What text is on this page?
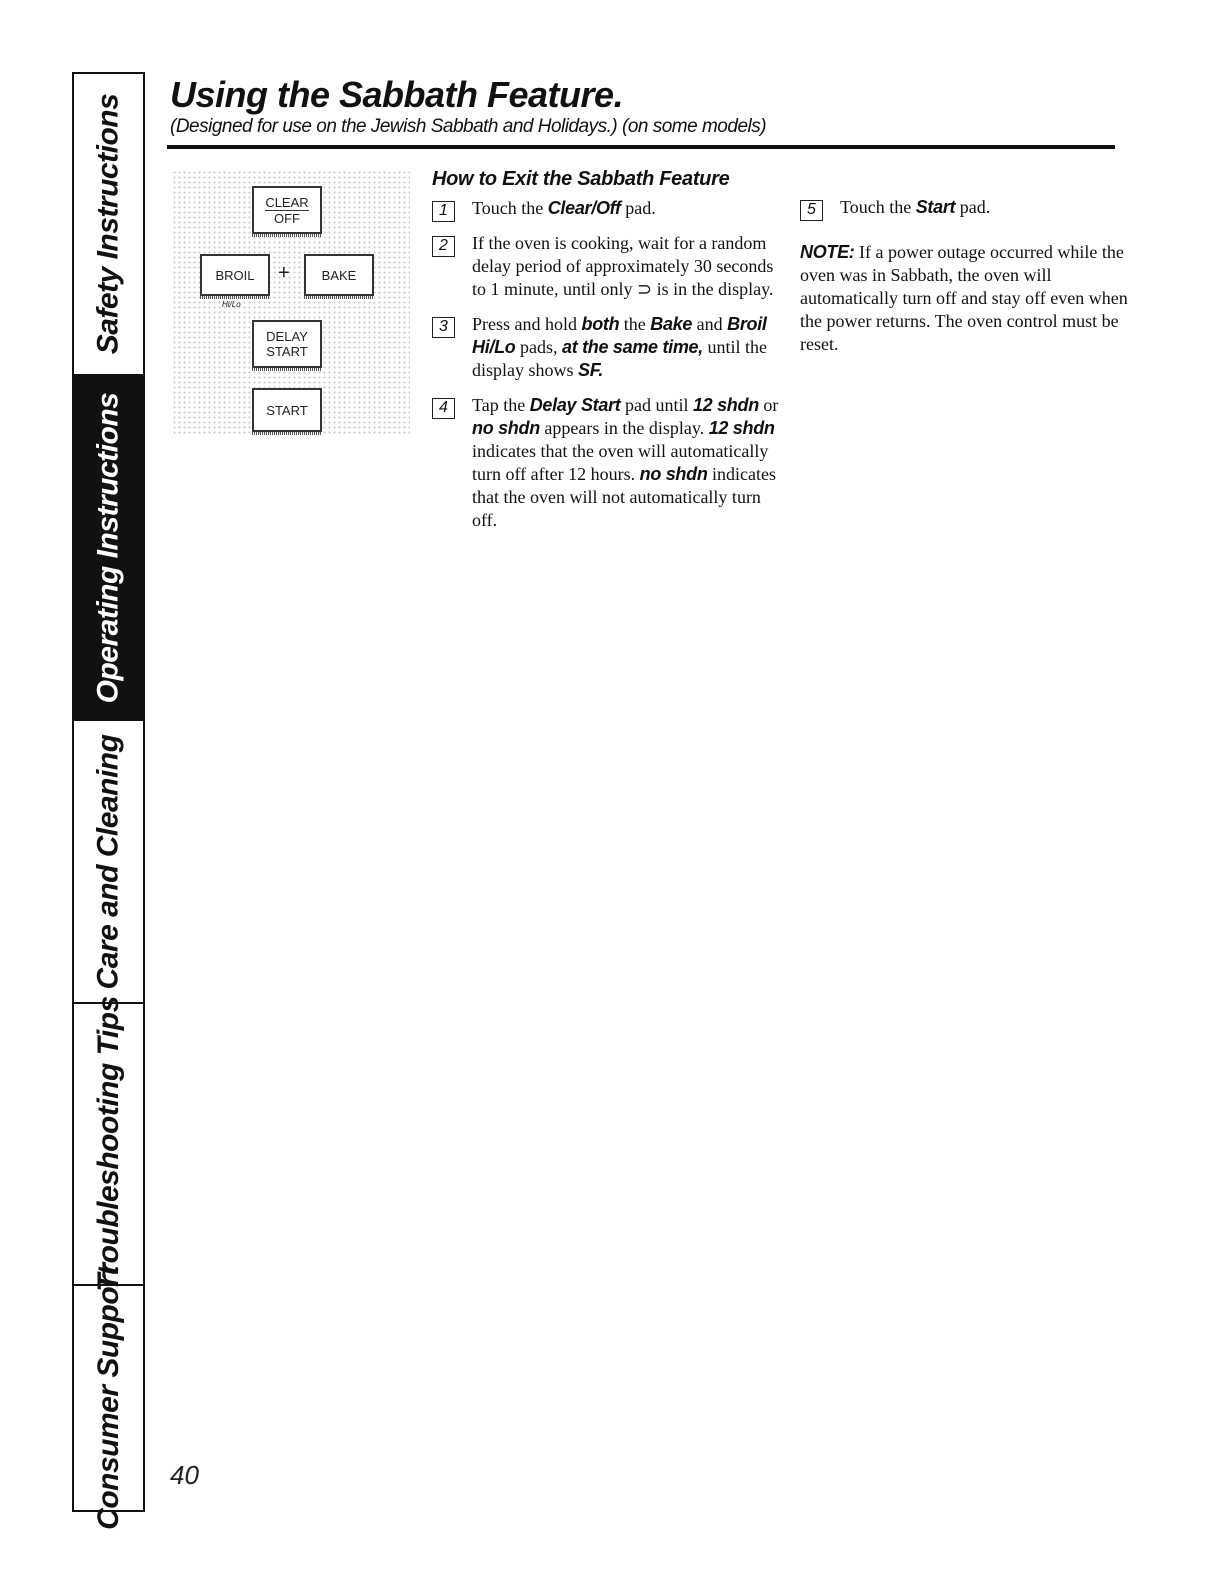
Safety Instructions
Operating Instructions
Care and Cleaning
Troubleshooting Tips
Consumer Support
Using the Sabbath Feature.
(Designed for use on the Jewish Sabbath and Holidays.) (on some models)
CLEAR
OFF
BROIL + BAKE
Hi/Lo
DELAY
START
START
How to Exit the Sabbath Feature
1	Touch the Clear/Off pad.
2	If the oven is cooking, wait for a random delay period of approximately 30 seconds to 1 minute, until only ⊃ is in the display.
3	Press and hold both the Bake and Broil Hi/Lo pads, at the same time, until the display shows SF.
4	Tap the Delay Start pad until 12 shdn or no shdn appears in the display. 12 shdn indicates that the oven will automatically turn off after 12 hours. no shdn indicates that the oven will not automatically turn off.
5	Touch the Start pad.
NOTE: If a power outage occurred while the oven was in Sabbath, the oven will automatically turn off and stay off even when the power returns. The oven control must be reset.
40
